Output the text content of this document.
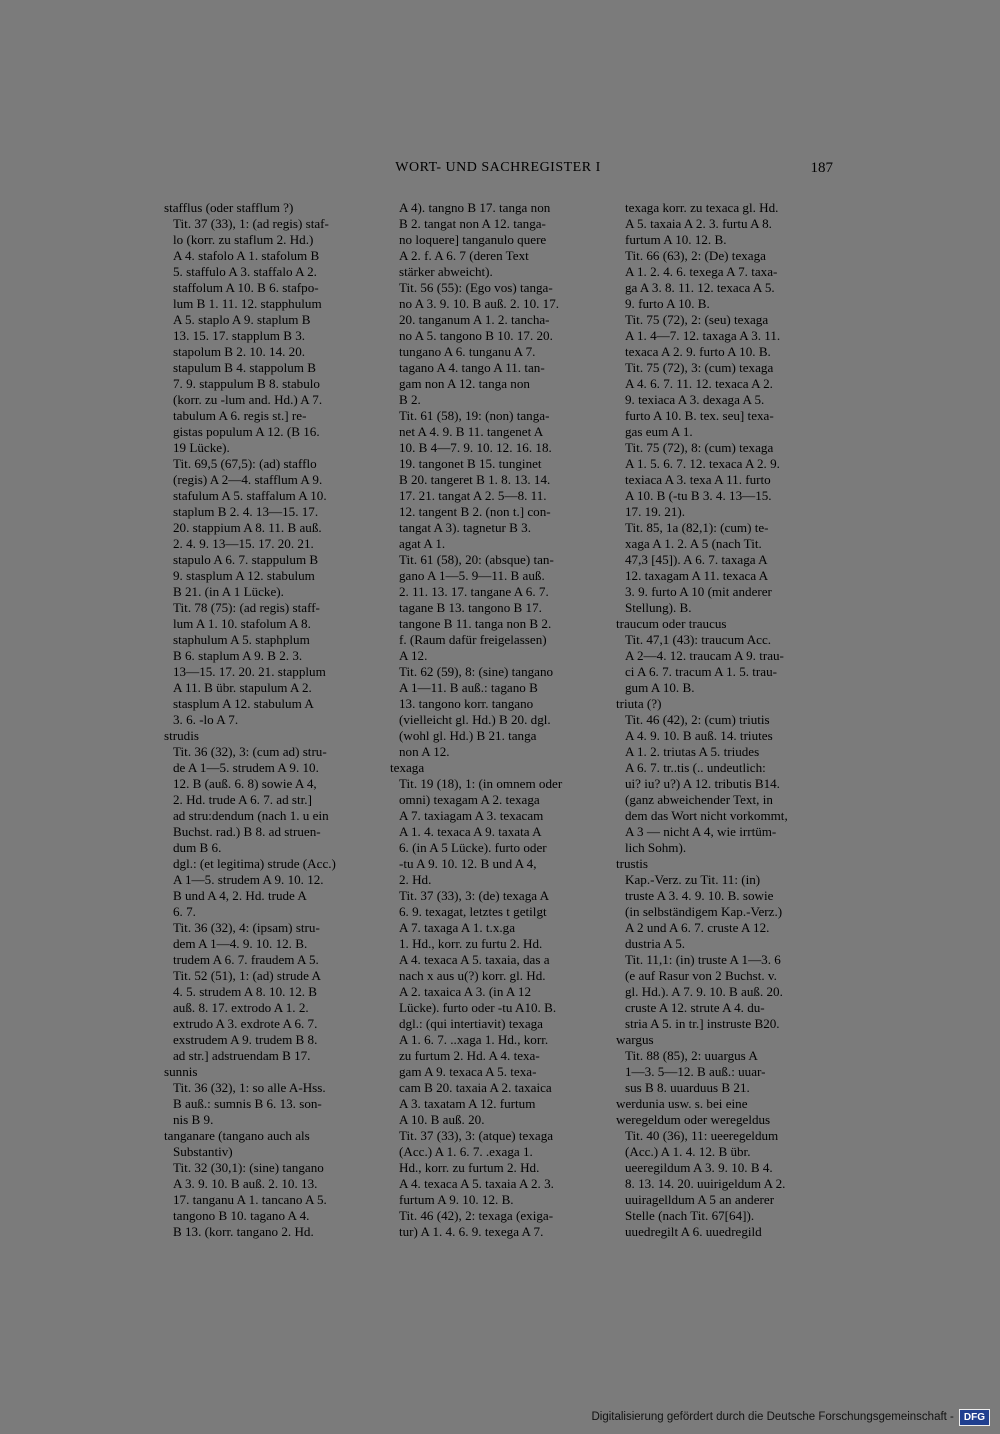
WORT- UND SACHREGISTER I	187
stafflus (oder stafflum ?)
Tit. 37 (33), 1: (ad regis) staf-
lo (korr. zu staflum 2. Hd.)
A 4. stafolo A 1. stafolum B
5. staffulo A 3. staffalo A 2.
staffolum A 10. B 6. stafpo-
lum B 1. 11. 12. stapphulum
A 5. staplo A 9. staplum B
13. 15. 17. stapplum B 3.
stapolum B 2. 10. 14. 20.
stapulum B 4. stappolum B
7. 9. stappulum B 8. stabulo
(korr. zu -lum and. Hd.) A 7.
tabulum A 6. regis st.] re-
gistas populum A 12. (B 16.
19 Lücke).
Tit. 69,5 (67,5): (ad) stafflo
(regis) A 2—4. stafflum A 9.
stafulum A 5. staffalum A 10.
staplum B 2. 4. 13—15. 17.
20. stappium A 8. 11. B auß.
2. 4. 9. 13—15. 17. 20. 21.
stapulo A 6. 7. stappulum B
9. stasplum A 12. stabulum
B 21. (in A 1 Lücke).
Tit. 78 (75): (ad regis) staff-
lum A 1. 10. stafolum A 8.
staphulum A 5. staphplum
B 6. staplum A 9. B 2. 3.
13—15. 17. 20. 21. stapplum
A 11. B übr. stapulum A 2.
stasplum A 12. stabulum A
3. 6. -lo A 7.
strudis
Tit. 36 (32), 3: (cum ad) stru-
de A 1—5. strudem A 9. 10.
12. B (auß. 6. 8) sowie A 4,
2. Hd. trude A 6. 7. ad str.]
ad stru:dendum (nach 1. u ein
Buchst. rad.) B 8. ad struen-
dum B 6.
dgl.: (et legitima) strude (Acc.)
A 1—5. strudem A 9. 10. 12.
B und A 4, 2. Hd. trude A
6. 7.
Tit. 36 (32), 4: (ipsam) stru-
dem A 1—4. 9. 10. 12. B.
trudem A 6. 7. fraudem A 5.
Tit. 52 (51), 1: (ad) strude A
4. 5. strudem A 8. 10. 12. B
auß. 8. 17. extrodo A 1. 2.
extrudo A 3. exdrote A 6. 7.
exstrudem A 9. trudem B 8.
ad str.] adstruendam B 17.
sunnis
Tit. 36 (32), 1: so alle A-Hss.
B auß.: sumnis B 6. 13. son-
nis B 9.
tanganare (tangano auch als
Substantiv)
Tit. 32 (30,1): (sine) tangano
A 3. 9. 10. B auß. 2. 10. 13.
17. tanganu A 1. tancano A 5.
tangono B 10. tagano A 4.
B 13. (korr. tangano 2. Hd.
A 4). tangno B 17. tanga non
B 2. tangat non A 12. tanga-
no loquere] tanganulo quere
A 2. f. A 6. 7 (deren Text
stärker abweicht).
Tit. 56 (55): (Ego vos) tanga-
no A 3. 9. 10. B auß. 2. 10. 17.
20. tanganum A 1. 2. tancha-
no A 5. tangono B 10. 17. 20.
tungano A 6. tunganu A 7.
tagano A 4. tango A 11. tan-
gam non A 12. tanga non
B 2.
Tit. 61 (58), 19: (non) tanga-
net A 4. 9. B 11. tangenet A
10. B 4—7. 9. 10. 12. 16. 18.
19. tangonet B 15. tunginet
B 20. tangeret B 1. 8. 13. 14.
17. 21. tangat A 2. 5—8. 11.
12. tangent B 2. (non t.] con-
tangat A 3). tagnetur B 3.
agat A 1.
Tit. 61 (58), 20: (absque) tan-
gano A 1—5. 9—11. B auß.
2. 11. 13. 17. tangane A 6. 7.
tagane B 13. tangono B 17.
tangone B 11. tanga non B 2.
f. (Raum dafür freigelassen)
A 12.
Tit. 62 (59), 8: (sine) tangano
A 1—11. B auß.: tagano B
13. tangono korr. tangano
(vielleicht gl. Hd.) B 20. dgl.
(wohl gl. Hd.) B 21. tanga
non A 12.
texaga
Tit. 19 (18), 1: (in omnem oder
omni) texagam A 2. texaga
A 7. taxiagam A 3. texacam
A 1. 4. texaca A 9. taxata A
6. (in A 5 Lücke). furto oder
-tu A 9. 10. 12. B und A 4,
2. Hd.
Tit. 37 (33), 3: (de) texaga A
6. 9. texagat, letztes t getilgt
A 7. taxaga A 1. t.x.ga
1. Hd., korr. zu furtu 2. Hd.
A 4. texaca A 5. taxaia, das a
nach x aus u(?) korr. gl. Hd.
A 2. taxaica A 3. (in A 12
Lücke). furto oder -tu A10. B.
dgl.: (qui intertiavit) texaga
A 1. 6. 7. ..xaga 1. Hd., korr.
zu furtum 2. Hd. A 4. texa-
gam A 9. texaca A 5. texa-
cam B 20. taxaia A 2. taxaica
A 3. taxatam A 12. furtum
A 10. B auß. 20.
Tit. 37 (33), 3: (atque) texaga
(Acc.) A 1. 6. 7. .exaga 1.
Hd., korr. zu furtum 2. Hd.
A 4. texaca A 5. taxaia A 2. 3.
furtum A 9. 10. 12. B.
Tit. 46 (42), 2: texaga (exiga-
tur) A 1. 4. 6. 9. texega A 7.
texaga korr. zu texaca gl. Hd.
A 5. taxaia A 2. 3. furtu A 8.
furtum A 10. 12. B.
Tit. 66 (63), 2: (De) texaga
A 1. 2. 4. 6. texega A 7. taxa-
ga A 3. 8. 11. 12. texaca A 5.
9. furto A 10. B.
Tit. 75 (72), 2: (seu) texaga
A 1. 4—7. 12. taxaga A 3. 11.
texaca A 2. 9. furto A 10. B.
Tit. 75 (72), 3: (cum) texaga
A 4. 6. 7. 11. 12. texaca A 2.
9. texiaca A 3. dexaga A 5.
furto A 10. B. tex. seu] texa-
gas eum A 1.
Tit. 75 (72), 8: (cum) texaga
A 1. 5. 6. 7. 12. texaca A 2. 9.
texiaca A 3. texa A 11. furto
A 10. B (-tu B 3. 4. 13—15.
17. 19. 21).
Tit. 85, 1a (82,1): (cum) te-
xaga A 1. 2. A 5 (nach Tit.
47,3 [45]). A 6. 7. taxaga A
12. taxagam A 11. texaca A
3. 9. furto A 10 (mit anderer
Stellung). B.
traucum oder traucus
Tit. 47,1 (43): traucum Acc.
A 2—4. 12. traucam A 9. trau-
ci A 6. 7. tracum A 1. 5. trau-
gum A 10. B.
triuta (?)
Tit. 46 (42), 2: (cum) triutis
A 4. 9. 10. B auß. 14. triutes
A 1. 2. triutas A 5. triudes
A 6. 7. tr..tis (.. undeutlich:
ui? iu? u?) A 12. tributis B14.
(ganz abweichender Text, in
dem das Wort nicht vorkommt,
A 3 — nicht A 4, wie irrtüm-
lich Sohm).
trustis
Kap.-Verz. zu Tit. 11: (in)
truste A 3. 4. 9. 10. B. sowie
(in selbständigem Kap.-Verz.)
A 2 und A 6. 7. cruste A 12.
dustria A 5.
Tit. 11,1: (in) truste A 1—3. 6
(e auf Rasur von 2 Buchst. v.
gl. Hd.). A 7. 9. 10. B auß. 20.
cruste A 12. strute A 4. du-
stria A 5. in tr.] instruste B20.
wargus
Tit. 88 (85), 2: uuargus A
1—3. 5—12. B auß.: uuar-
sus B 8. uuarduus B 21.
werdunia usw. s. bei eine
weregeldum oder weregeldus
Tit. 40 (36), 11: ueeregeldum
(Acc.) A 1. 4. 12. B übr.
ueeregildum A 3. 9. 10. B 4.
8. 13. 14. 20. uuirigeldum A 2.
uuiragelldum A 5 an anderer
Stelle (nach Tit. 67[64]).
uuedregilt A 6. uuedregild
Digitalisierung gefördert durch die Deutsche Forschungsgemeinschaft -	DFG
